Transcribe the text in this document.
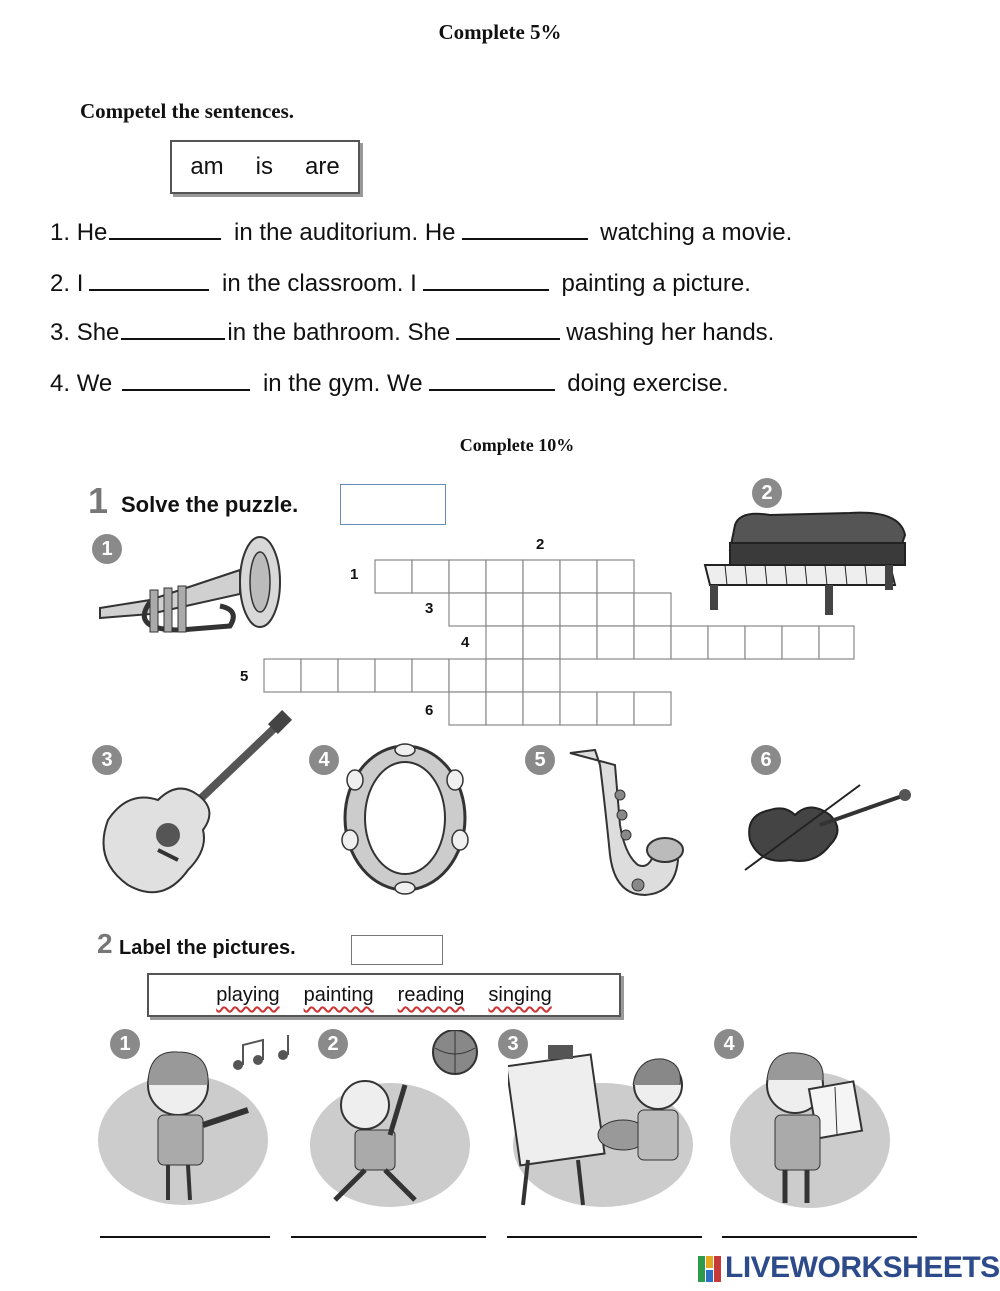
Complete 5%
Competel the sentences.
am is are
1. He	in the auditorium. He	watching a movie.
2. I	in the classroom. I	painting a picture.
3. She	in the bathroom. She	washing her hands.
4. We	in the gym. We	doing exercise.
Complete 10%
1 Solve the puzzle.
1
2
3	4	5	6
1
2
3
4
5
6
2 Label the pictures.
playing painting reading singing
1	2	3	4
LIVEWORKSHEETS
